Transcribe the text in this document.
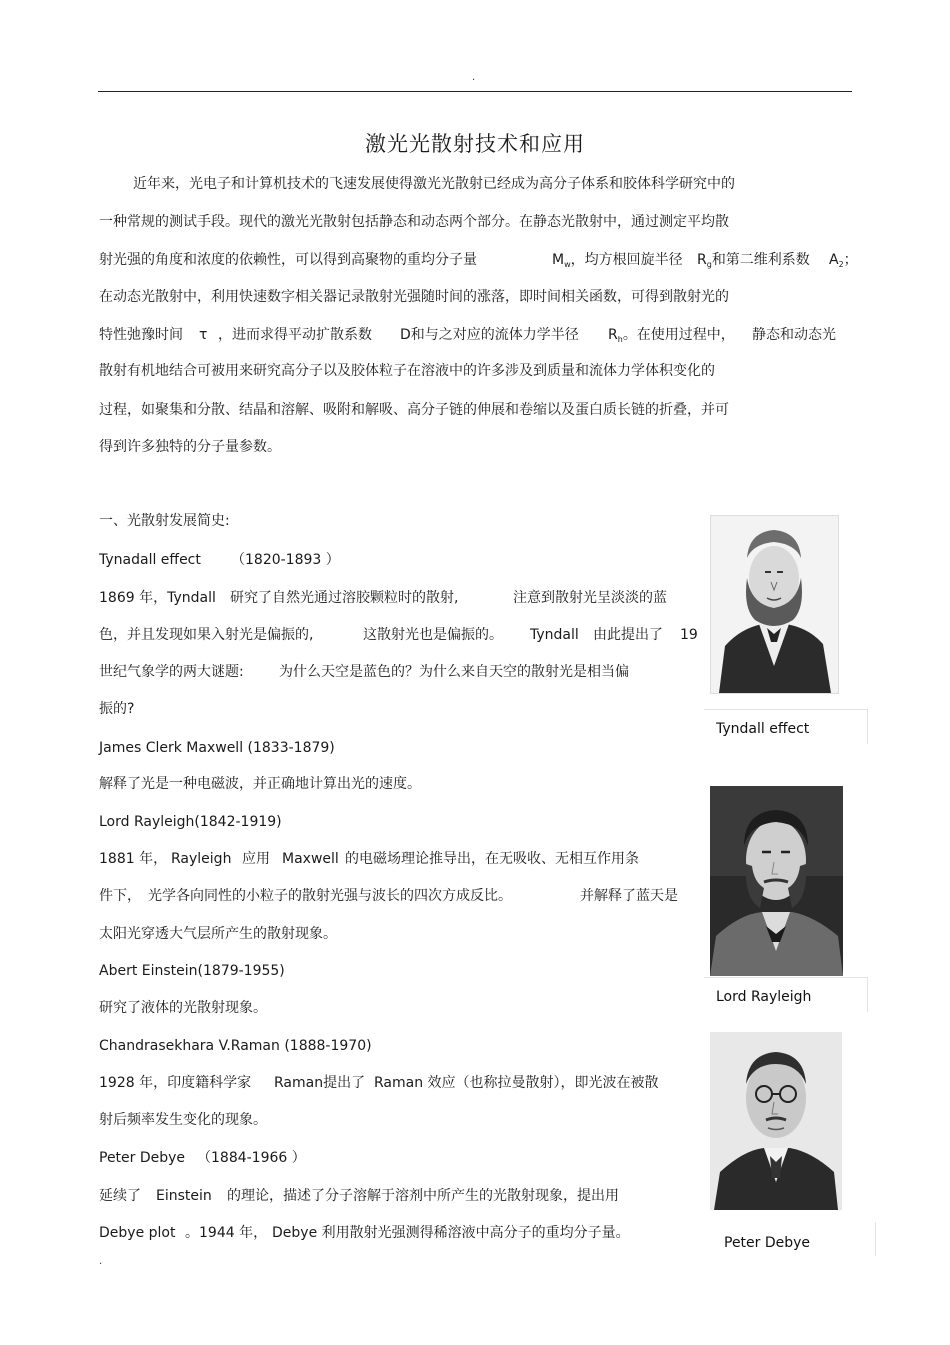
.
激光光散射技术和应用
近年来，光电子和计算机技术的飞速发展使得激光光散射已经成为高分子体系和胶体科学研究中的
一种常规的测试手段。现代的激光光散射包括静态和动态两个部分。在静态光散射中，通过测定平均散
射光强的角度和浓度的依赖性，可以得到高聚物的重均分子量	$M_w$，均方根回旋半径 $R_g$和第二维利系数 $A_2$；
在动态光散射中，利用快速数字相关器记录散射光强随时间的涨落，即时间相关函数，可得到散射光的
特性弛豫时间 τ ，进而求得平动扩散系数 D和与之对应的流体力学半径 $R_h$。在使用过程中， 静态和动态光
散射有机地结合可被用来研究高分子以及胶体粒子在溶液中的许多涉及到质量和流体力学体积变化的
过程，如聚集和分散、结晶和溶解、吸附和解吸、高分子链的伸展和卷缩以及蛋白质长链的折叠，并可
得到许多独特的分子量参数。
一、光散射发展简史:
Tynadall effect （1820-1893 ）
1869 年，Tyndall 研究了自然光通过溶胶颗粒时的散射,	注意到散射光呈淡淡的蓝
色，并且发现如果入射光是偏振的,	这散射光也是偏振的。 Tyndall 由此提出了 19
世纪气象学的两大谜题:	为什么天空是蓝色的？为什么来自天空的散射光是相当偏
振的?
James Clerk Maxwell (1833-1879)
解释了光是一种电磁波，并正确地计算出光的速度。
Lord Rayleigh(1842-1919)
1881 年， Rayleigh 应用 Maxwell 的电磁场理论推导出，在无吸收、无相互作用条
件下， 光学各向同性的小粒子的散射光强与波长的四次方成反比。	并解释了蓝天是
太阳光穿透大气层所产生的散射现象。
Abert Einstein(1879-1955)
研究了液体的光散射现象。
Chandrasekhara V.Raman (1888-1970)
1928 年，印度籍科学家 Raman提出了 Raman 效应（也称拉曼散射），即光波在被散
射后频率发生变化的现象。
Peter Debye （1884-1966 ）
延续了 Einstein 的理论，描述了分子溶解于溶剂中所产生的光散射现象，提出用
Debye plot 。1944 年， Debye 利用散射光强测得稀溶液中高分子的重均分子量。
.
Tyndall effect
Lord Rayleigh
Peter Debye
